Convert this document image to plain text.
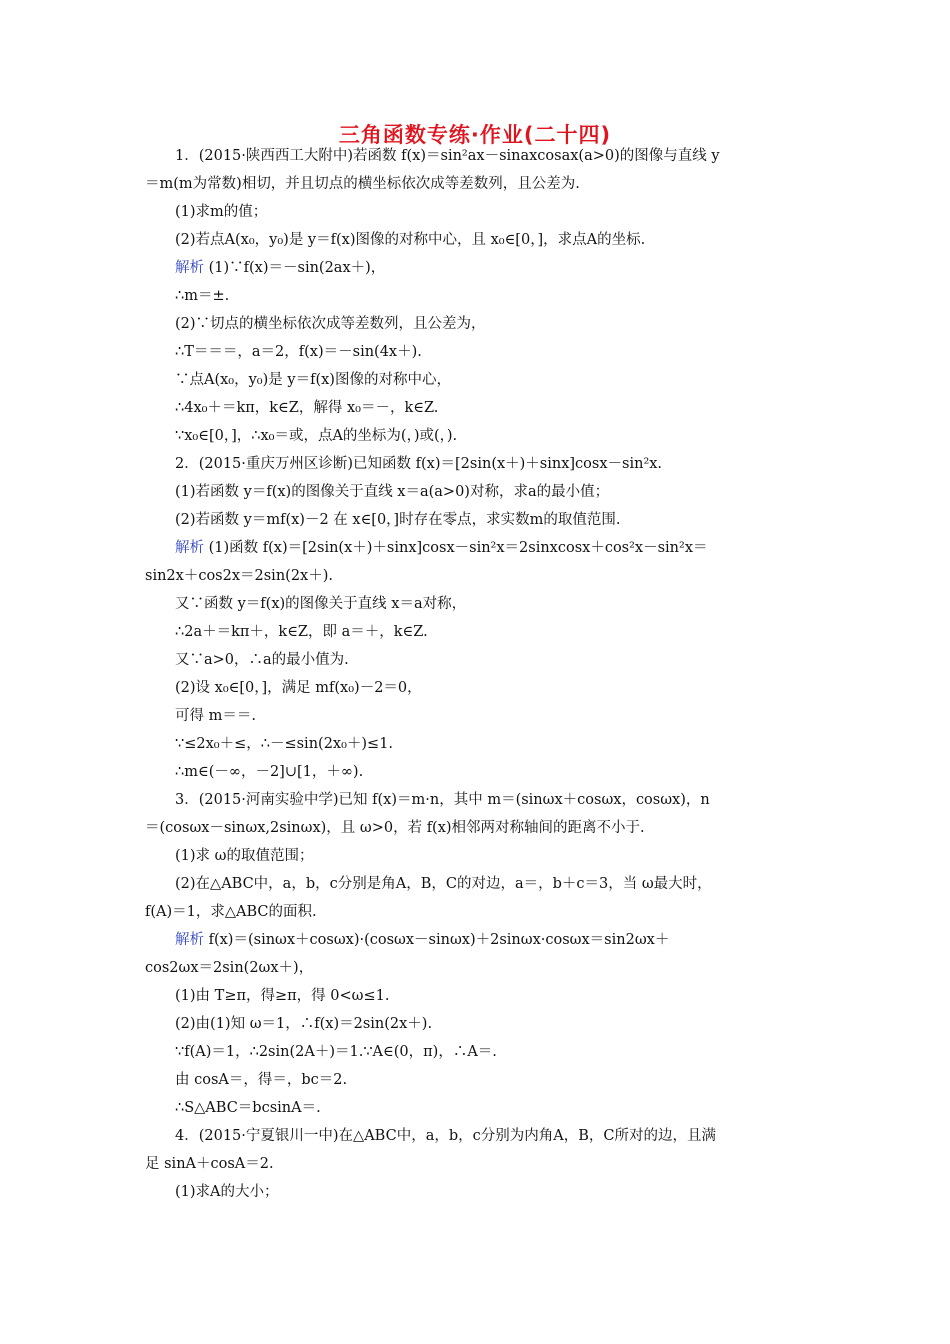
三角函数专练·作业(二十四)
1．(2015·陕西西工大附中)若函数 f(x)＝sin²ax－sinaxcosax(a>0)的图像与直线 y
＝m(m为常数)相切，并且切点的横坐标依次成等差数列，且公差为.
(1)求m的值；
(2)若点A(x₀，y₀)是 y＝f(x)图像的对称中心，且 x₀∈[0，]，求点A的坐标.
解析 (1)∵f(x)＝－sin(2ax＋)，
∴m＝±.
(2)∵切点的横坐标依次成等差数列，且公差为，
∴T＝＝＝，a＝2，f(x)＝－sin(4x＋).
∵点A(x₀，y₀)是 y＝f(x)图像的对称中心，
∴4x₀＋＝kπ，k∈Z，解得 x₀＝－，k∈Z.
∵x₀∈[0，]，∴x₀＝或，点A的坐标为(，)或(，).
2．(2015·重庆万州区诊断)已知函数 f(x)＝[2sin(x＋)＋sinx]cosx－sin²x.
(1)若函数 y＝f(x)的图像关于直线 x＝a(a>0)对称，求a的最小值；
(2)若函数 y＝mf(x)－2 在 x∈[0，]时存在零点，求实数m的取值范围.
解析 (1)函数 f(x)＝[2sin(x＋)＋sinx]cosx－sin²x＝2sinxcosx＋cos²x－sin²x＝
sin2x＋cos2x＝2sin(2x＋).
又∵函数 y＝f(x)的图像关于直线 x＝a对称，
∴2a＋＝kπ＋，k∈Z，即 a＝＋，k∈Z.
又∵a>0，∴a的最小值为.
(2)设 x₀∈[0，]，满足 mf(x₀)－2＝0，
可得 m＝＝.
∵≤2x₀＋≤，∴－≤sin(2x₀＋)≤1.
∴m∈(－∞，－2]∪[1，＋∞).
3．(2015·河南实验中学)已知 f(x)＝m·n，其中 m＝(sinωx＋cosωx，cosωx)，n
＝(cosωx－sinωx,2sinωx)，且 ω>0，若 f(x)相邻两对称轴间的距离不小于.
(1)求 ω的取值范围；
(2)在△ABC中，a，b，c分别是角A，B，C的对边，a＝，b＋c＝3，当 ω最大时，
f(A)＝1，求△ABC的面积.
解析 f(x)＝(sinωx＋cosωx)·(cosωx－sinωx)＋2sinωx·cosωx＝sin2ωx＋
cos2ωx＝2sin(2ωx＋)，
(1)由 T≥π，得≥π，得 0<ω≤1.
(2)由(1)知 ω＝1，∴f(x)＝2sin(2x＋).
∵f(A)＝1，∴2sin(2A＋)＝1.∵A∈(0，π)，∴A＝.
由 cosA＝，得＝，bc＝2.
∴S△ABC＝bcsinA＝.
4．(2015·宁夏银川一中)在△ABC中，a，b，c分别为内角A，B，C所对的边，且满
足 sinA＋cosA＝2.
(1)求A的大小；
